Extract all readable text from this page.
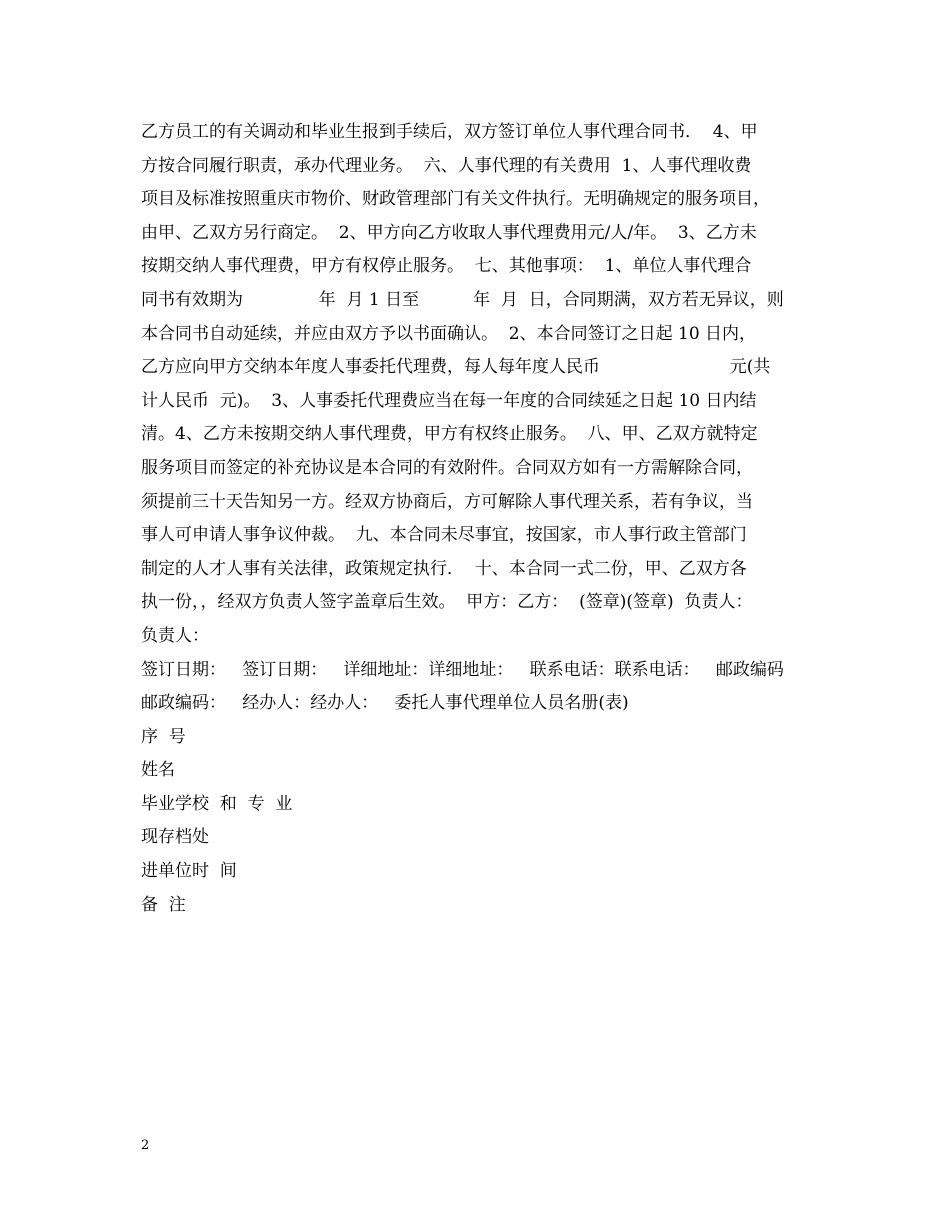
乙方员工的有关调动和毕业生报到手续后，双方签订单位人事代理合同书．  4、甲
方按合同履行职责，承办代理业务。  六、人事代理的有关费用  1、人事代理收费
项目及标准按照重庆市物价、财政管理部门有关文件执行。无明确规定的服务项目，
由甲、乙双方另行商定。  2、甲方向乙方收取人事代理费用元/人/年。  3、乙方未
按期交纳人事代理费，甲方有权停止服务。  七、其他事项：  1、单位人事代理合
同书有效期为              年  月 1 日至          年  月  日，合同期满，双方若无异议，则
本合同书自动延续，并应由双方予以书面确认。  2、本合同签订之日起 10 日内，
乙方应向甲方交纳本年度人事委托代理费，每人每年度人民币                        元(共
计人民币  元)。  3、人事委托代理费应当在每一年度的合同续延之日起 10 日内结
清。4、乙方未按期交纳人事代理费，甲方有权终止服务。  八、甲、乙双方就特定
服务项目而签定的补充协议是本合同的有效附件。合同双方如有一方需解除合同，
须提前三十天告知另一方。经双方协商后，方可解除人事代理关系，若有争议，当
事人可申请人事争议仲裁。  九、本合同未尽事宜，按国家，市人事行政主管部门
制定的人才人事有关法律，政策规定执行．  十、本合同一式二份，甲、乙双方各
执一份，，经双方负责人签字盖章后生效。  甲方：乙方：  (签章)(签章)  负责人：
负责人：
签订日期：   签订日期：   详细地址：详细地址：   联系电话：联系电话：   邮政编码
邮政编码：   经办人：经办人：   委托人事代理单位人员名册(表)
序  号
姓名
毕业学校  和  专  业
现存档处
进单位时  间
备  注
2
